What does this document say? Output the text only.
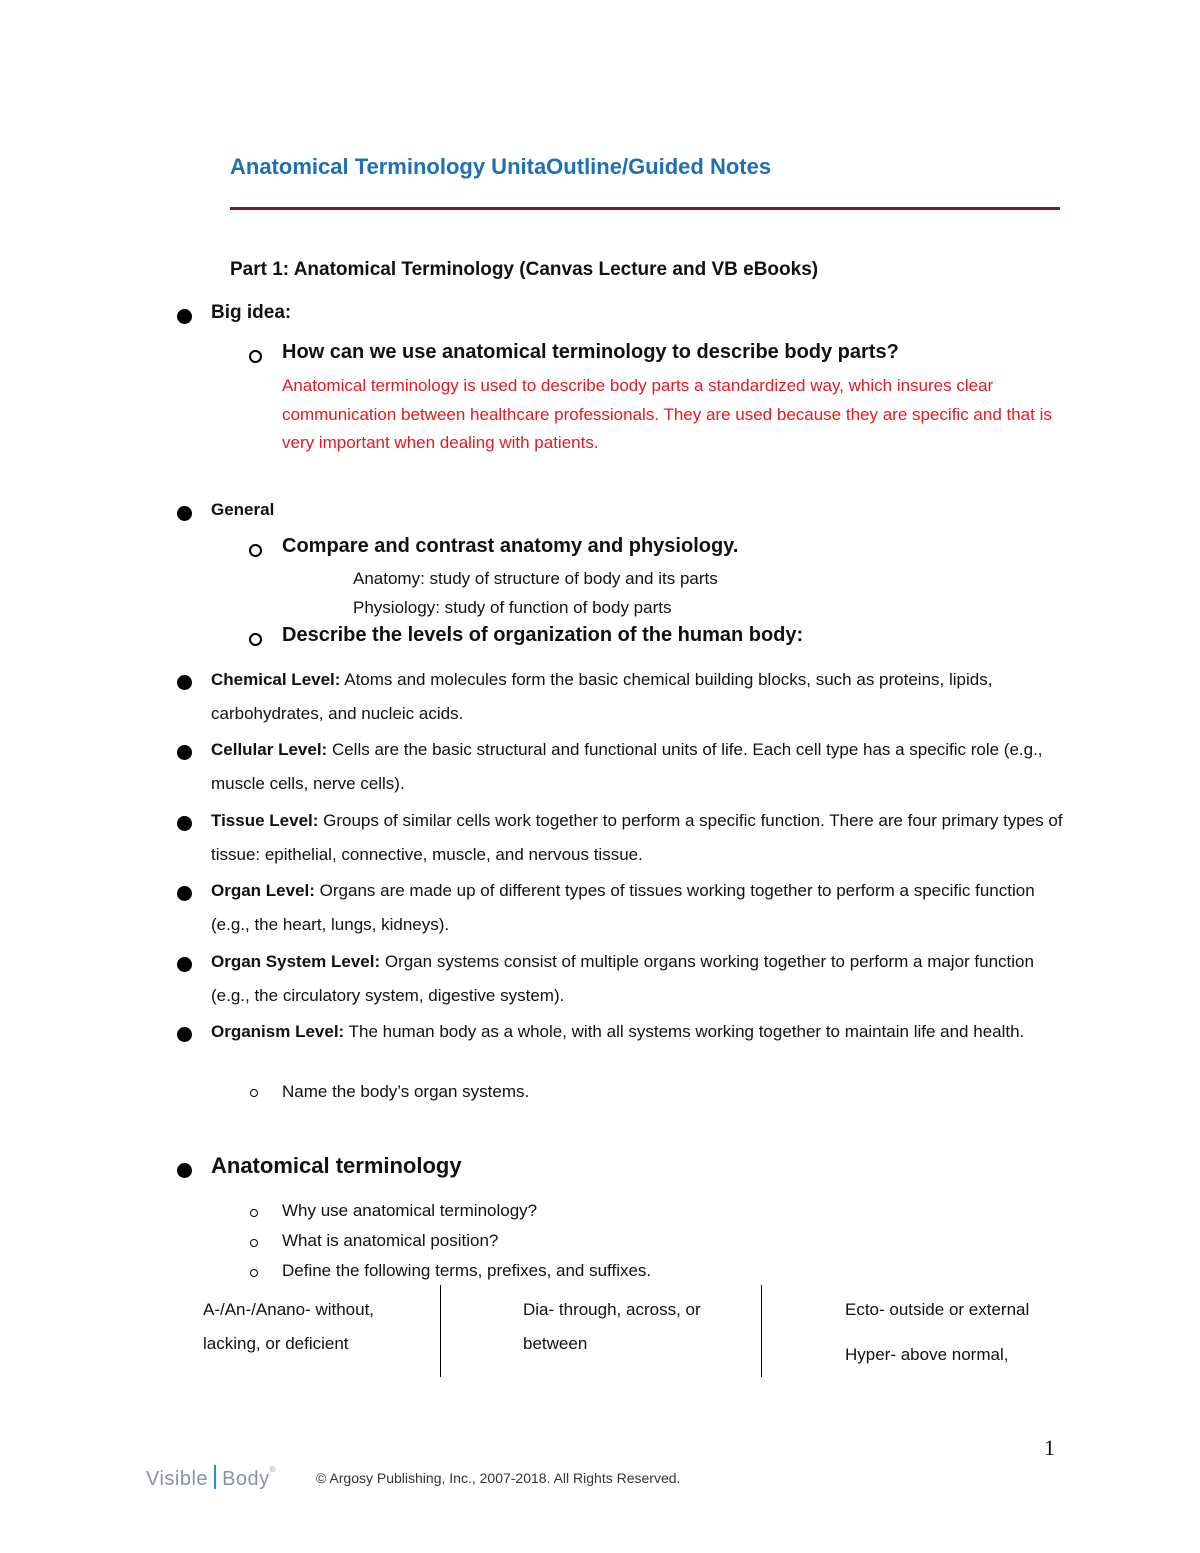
Anatomical Terminology UnitaOutline/Guided Notes
Part 1: Anatomical Terminology (Canvas Lecture and VB eBooks)
Big idea:
How can we use anatomical terminology to describe body parts?
Anatomical terminology is used to describe body parts a standardized way, which insures clear communication between healthcare professionals. They are used because they are specific and that is very important when dealing with patients.
General
Compare and contrast anatomy and physiology.
Anatomy: study of structure of body and its parts
Physiology: study of function of body parts
Describe the levels of organization of the human body:
Chemical Level: Atoms and molecules form the basic chemical building blocks, such as proteins, lipids, carbohydrates, and nucleic acids.
Cellular Level: Cells are the basic structural and functional units of life. Each cell type has a specific role (e.g., muscle cells, nerve cells).
Tissue Level: Groups of similar cells work together to perform a specific function. There are four primary types of tissue: epithelial, connective, muscle, and nervous tissue.
Organ Level: Organs are made up of different types of tissues working together to perform a specific function (e.g., the heart, lungs, kidneys).
Organ System Level: Organ systems consist of multiple organs working together to perform a major function (e.g., the circulatory system, digestive system).
Organism Level: The human body as a whole, with all systems working together to maintain life and health.
Name the body’s organ systems.
Anatomical terminology
Why use anatomical terminology?
What is anatomical position?
Define the following terms, prefixes, and suffixes.
A-/An-/Anano- without, lacking, or deficient
Dia- through, across, or between
Ecto- outside or external
Hyper- above normal,
1
Visible Body®
© Argosy Publishing, Inc., 2007-2018. All Rights Reserved.
